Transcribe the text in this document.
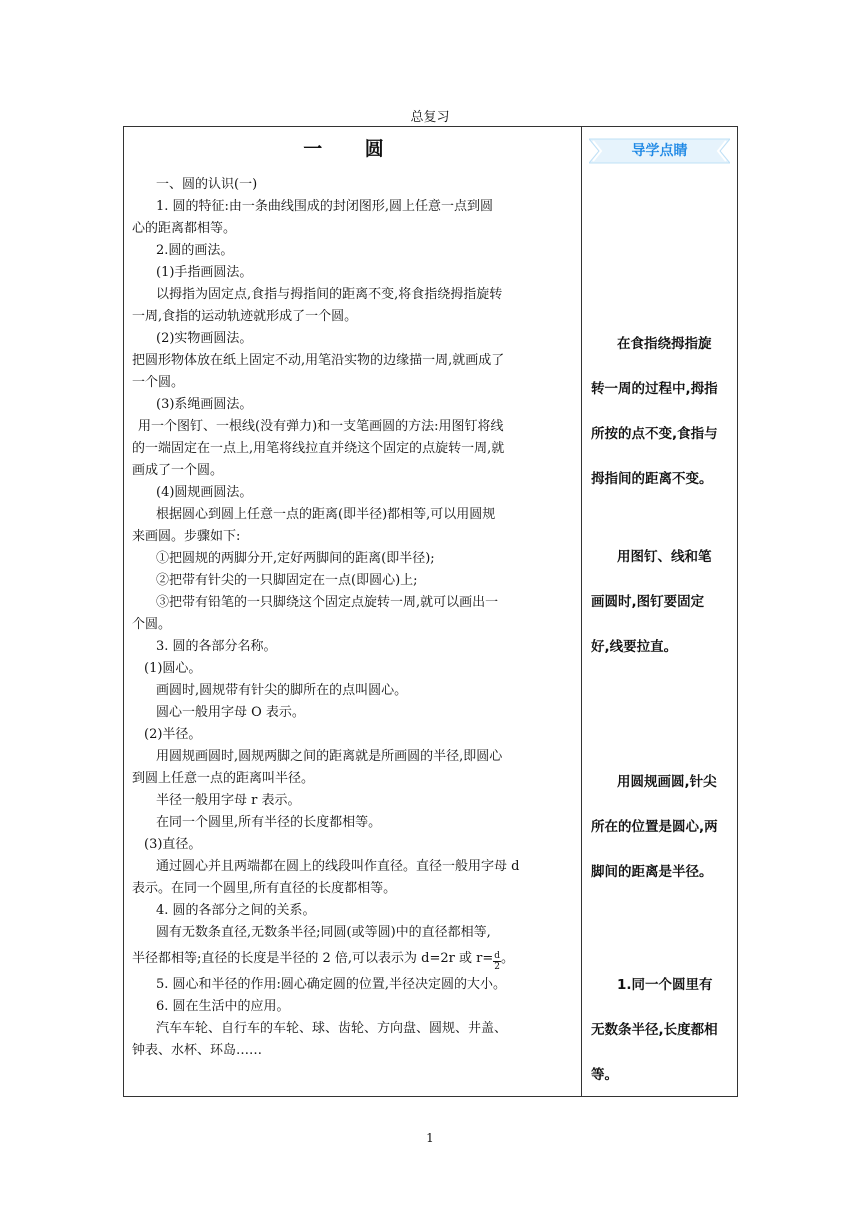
总复习
一 圆

一、圆的认识(一)

1. 圆的特征:由一条曲线围成的封闭图形,圆上任意一点到圆

心的距离都相等。

2.圆的画法。

(1)手指画圆法。

以拇指为固定点,食指与拇指间的距离不变,将食指绕拇指旋转

一周,食指的运动轨迹就形成了一个圆。

(2)实物画圆法。

把圆形物体放在纸上固定不动,用笔沿实物的边缘描一周,就画成了

一个圆。

(3)系绳画圆法。

用一个图钉、一根线(没有弹力)和一支笔画圆的方法:用图钉将线

的一端固定在一点上,用笔将线拉直并绕这个固定的点旋转一周,就

画成了一个圆。

(4)圆规画圆法。

根据圆心到圆上任意一点的距离(即半径)都相等,可以用圆规

来画圆。步骤如下:

①把圆规的两脚分开,定好两脚间的距离(即半径);

②把带有针尖的一只脚固定在一点(即圆心)上;

③把带有铅笔的一只脚绕这个固定点旋转一周,就可以画出一

个圆。

3. 圆的各部分名称。

(1)圆心。

画圆时,圆规带有针尖的脚所在的点叫圆心。

圆心一般用字母 O 表示。

(2)半径。

用圆规画圆时,圆规两脚之间的距离就是所画圆的半径,即圆心

到圆上任意一点的距离叫半径。

半径一般用字母 r 表示。

在同一个圆里,所有半径的长度都相等。

(3)直径。

通过圆心并且两端都在圆上的线段叫作直径。直径一般用字母 d

表示。在同一个圆里,所有直径的长度都相等。

4. 圆的各部分之间的关系。

圆有无数条直径,无数条半径;同圆(或等圆)中的直径都相等,

半径都相等;直径的长度是半径的 2 倍,可以表示为 d=2r 或 $r= \frac{d}{2}$ 。

5. 圆心和半径的作用:圆心确定圆的位置,半径决定圆的大小。

6. 圆在生活中的应用。

汽车车轮、自行车的车轮、球、齿轮、方向盘、圆规、井盖、

钟表、水杯、环岛……

导学点睛

在食指绕拇指旋

转一周的过程中,拇指

所按的点不变,食指与

拇指间的距离不变。

用图钉、线和笔

画圆时,图钉要固定

好,线要拉直。

用圆规画圆,针尖

所在的位置是圆心,两

脚间的距离是半径。

1.同一个圆里有

无数条半径,长度都相

等。

1
